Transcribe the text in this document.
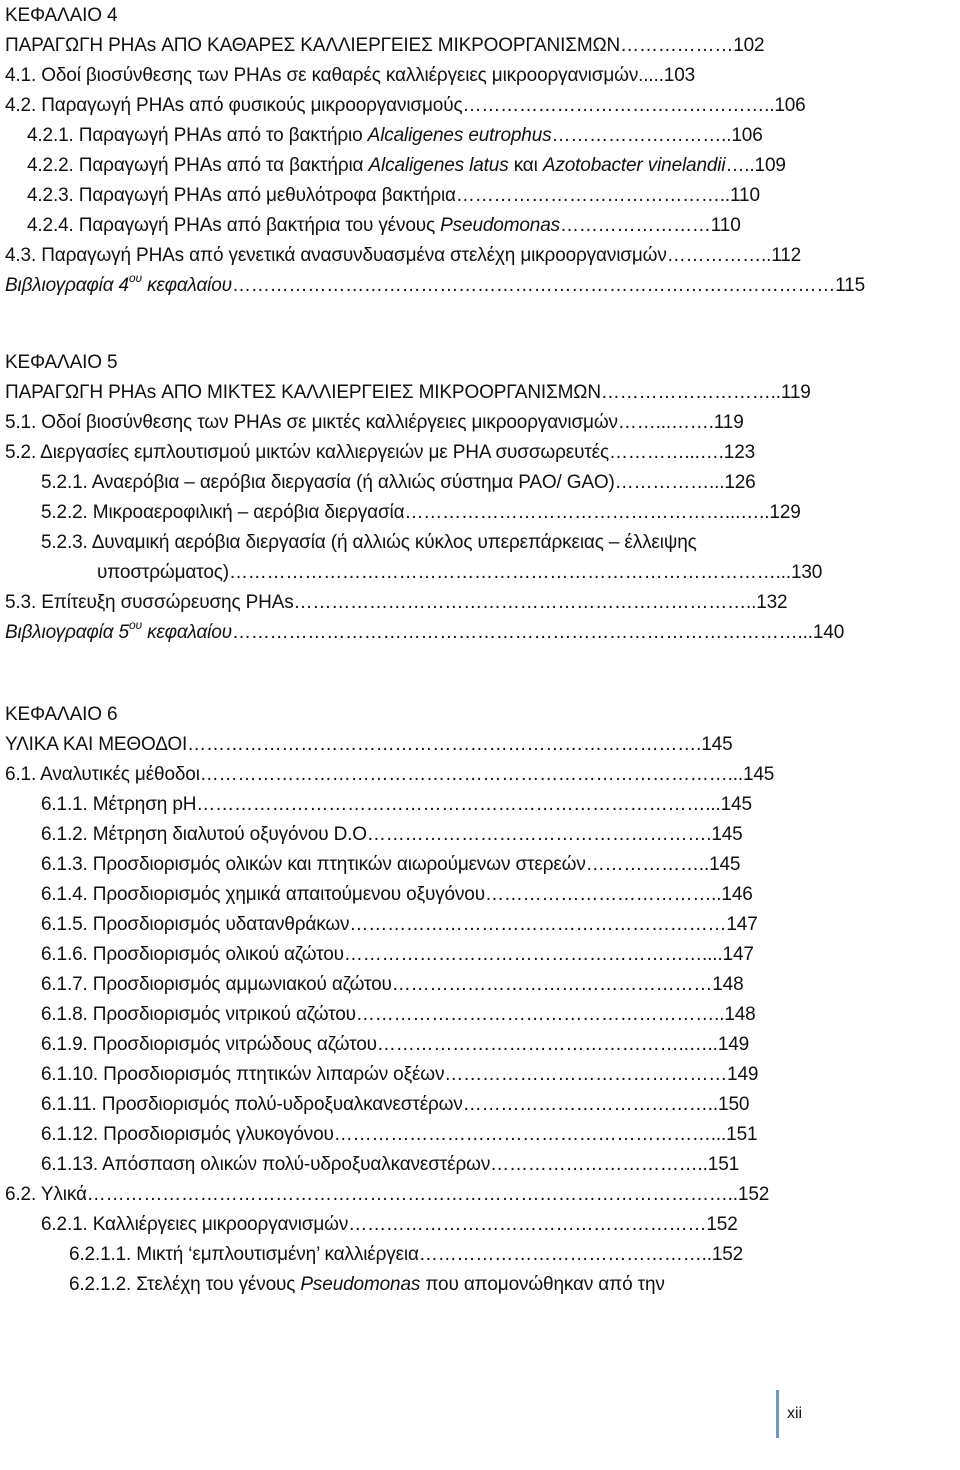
ΚΕΦΑΛΑΙΟ 4
ΠΑΡΑΓΩΓΗ PHAs ΑΠΟ ΚΑΘΑΡΕΣ ΚΑΛΛΙΕΡΓΕΙΕΣ ΜΙΚΡΟΟΡΓΑΝΙΣΜΩΝ………………102
4.1. Οδοί βιοσύνθεσης των PHAs σε καθαρές καλλιέργειες μικροοργανισμών.....103
4.2. Παραγωγή PHAs από φυσικούς μικροοργανισμούς…………………………………………..106
4.2.1. Παραγωγή PHAs από το βακτήριο Alcaligenes eutrophus………………………..106
4.2.2. Παραγωγή PHAs από τα βακτήρια Alcaligenes latus και Azotobacter vinelandii…..109
4.2.3. Παραγωγή PHAs από μεθυλότροφα βακτήρια……………………………………..110
4.2.4. Παραγωγή PHAs από βακτήρια του γένους Pseudomonas……………………110
4.3. Παραγωγή PHAs από γενετικά ανασυνδυασμένα στελέχη μικροοργανισμών……………..112
Βιβλιογραφία $4^{o\upsilon}$ κεφαλαίου……………………………………………………………………………………115
ΚΕΦΑΛΑΙΟ 5
ΠΑΡΑΓΩΓΗ PHAs ΑΠΟ ΜΙΚΤΕΣ ΚΑΛΛΙΕΡΓΕΙΕΣ ΜΙΚΡΟΟΡΓΑΝΙΣΜΩΝ………………………..119
5.1. Οδοί βιοσύνθεσης των PHAs σε μικτές καλλιέργειες μικροοργανισμών……...…….119
5.2. Διεργασίες εμπλουτισμού μικτών καλλιεργειών με PHA συσσωρευτές…………...….123
5.2.1. Αναερόβια – αερόβια διεργασία (ή αλλιώς σύστημα PAO/ GAO)……………...126
5.2.2. Μικροαεροφιλική – αερόβια διεργασία……………………………………………...…..129
5.2.3. Δυναμική αερόβια διεργασία (ή αλλιώς κύκλος υπερεπάρκειας – έλλειψης
υποστρώματος)……………………………………………………………………………...130
5.3. Επίτευξη συσσώρευσης PHAs………………………………………………………………..132
Βιβλιογραφία $5^{o\upsilon}$ κεφαλαίου………………………………………………………………………………...140
ΚΕΦΑΛΑΙΟ 6
ΥΛΙΚΑ ΚΑΙ ΜΕΘΟΔΟΙ……………………………………………………………………….145
6.1. Αναλυτικές μέθοδοι…………………………………………………………………………...145
6.1.1. Μέτρηση pH………………………………………………………………………...145
6.1.2. Μέτρηση διαλυτού οξυγόνου D.O……………………………………………….145
6.1.3. Προσδιορισμός ολικών και πτητικών αιωρούμενων στερεών………………..145
6.1.4. Προσδιορισμός χημικά απαιτούμενου οξυγόνου………………………………..146
6.1.5. Προσδιορισμός υδατανθράκων……………………………………………………147
6.1.6. Προσδιορισμός ολικού αζώτου…………………………………………………....147
6.1.7. Προσδιορισμός αμμωνιακού αζώτου……………………………………………148
6.1.8. Προσδιορισμός νιτρικού αζώτου…………………………………………………..148
6.1.9. Προσδιορισμός νιτρώδους αζώτου…………………………………………..…..149
6.1.10. Προσδιορισμός πτητικών λιπαρών οξέων………………………………………149
6.1.11. Προσδιορισμός πολύ-υδροξυαλκανεστέρων…………………………………..150
6.1.12. Προσδιορισμός γλυκογόνου……………………………………………………...151
6.1.13. Απόσπαση ολικών πολύ-υδροξυαλκανεστέρων……………………………..151
6.2. Υλικά…………………………………………………………………………………………..152
6.2.1. Καλλιέργειες μικροοργανισμών…………………………………………………152
6.2.1.1. Μικτή ‘εμπλουτισμένη’ καλλιέργεια………………………………………..152
6.2.1.2. Στελέχη του γένους Pseudomonas που απομονώθηκαν από την
xii
